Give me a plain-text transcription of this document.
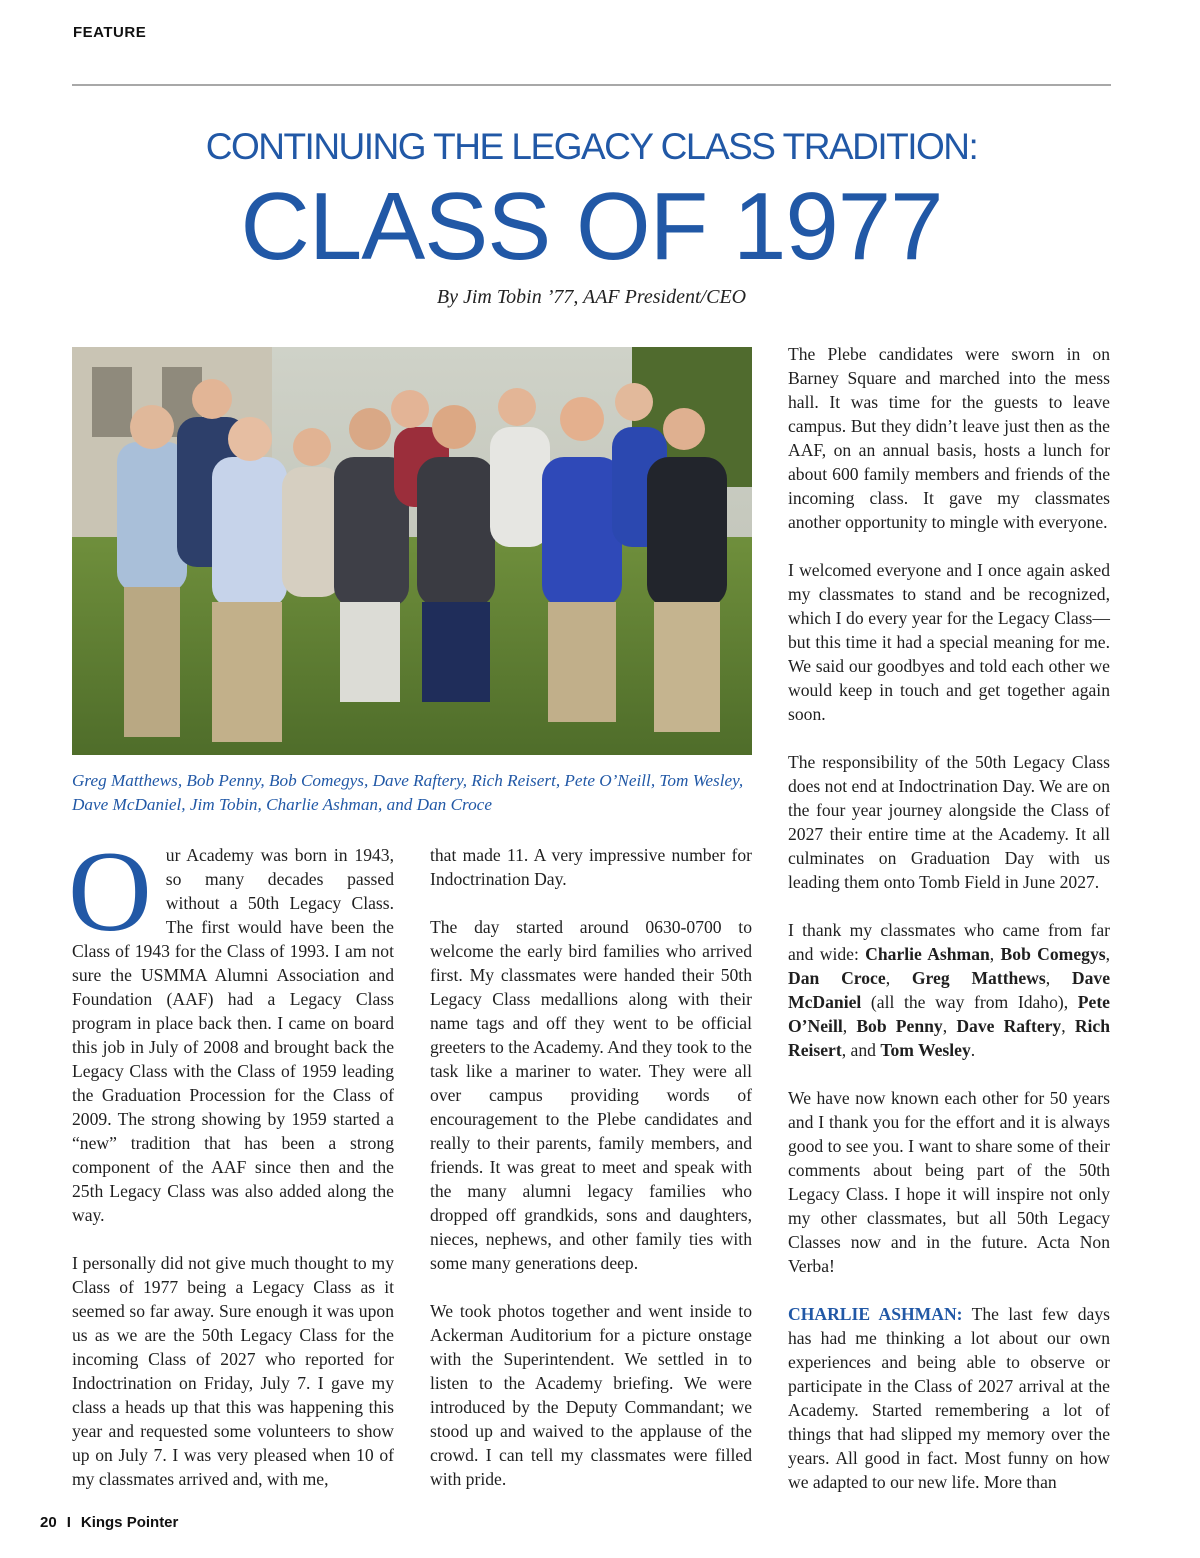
FEATURE
CONTINUING THE LEGACY CLASS TRADITION:
CLASS OF 1977
By Jim Tobin ’77, AAF President/CEO
Greg Matthews, Bob Penny, Bob Comegys, Dave Raftery, Rich Reisert, Pete O’Neill, Tom Wesley,
Dave McDaniel, Jim Tobin, Charlie Ashman, and Dan Croce

Our Academy was born in 1943, so many decades passed without a 50th Legacy Class. The first would have been the Class of 1943 for the Class of 1993. I am not sure the USMMA Alumni Association and Foundation (AAF) had a Legacy Class program in place back then. I came on board this job in July of 2008 and brought back the Legacy Class with the Class of 1959 leading the Graduation Procession for the Class of 2009. The strong showing by 1959 started a “new” tradition that has been a strong component of the AAF since then and the 25th Legacy Class was also added along the way.

I personally did not give much thought to my Class of 1977 being a Legacy Class as it seemed so far away. Sure enough it was upon us as we are the 50th Legacy Class for the incoming Class of 2027 who reported for Indoctrination on Friday, July 7. I gave my class a heads up that this was happening this year and requested some volunteers to show up on July 7. I was very pleased when 10 of my classmates arrived and, with me,

that made 11. A very impressive number for Indoctrination Day.

The day started around 0630-0700 to welcome the early bird families who arrived first. My classmates were handed their 50th Legacy Class medallions along with their name tags and off they went to be official greeters to the Academy. And they took to the task like a mariner to water. They were all over campus providing words of encouragement to the Plebe candidates and really to their parents, family members, and friends. It was great to meet and speak with the many alumni legacy families who dropped off grandkids, sons and daughters, nieces, nephews, and other family ties with some many generations deep.

We took photos together and went inside to Ackerman Auditorium for a picture onstage with the Superintendent. We settled in to listen to the Academy briefing. We were introduced by the Deputy Commandant; we stood up and waived to the applause of the crowd. I can tell my classmates were filled with pride.

The Plebe candidates were sworn in on Barney Square and marched into the mess hall. It was time for the guests to leave campus. But they didn’t leave just then as the AAF, on an annual basis, hosts a lunch for about 600 family members and friends of the incoming class. It gave my classmates another opportunity to mingle with everyone.

I welcomed everyone and I once again asked my classmates to stand and be recognized, which I do every year for the Legacy Class—but this time it had a special meaning for me. We said our goodbyes and told each other we would keep in touch and get together again soon.

The responsibility of the 50th Legacy Class does not end at Indoctrination Day. We are on the four year journey alongside the Class of 2027 their entire time at the Academy. It all culminates on Graduation Day with us leading them onto Tomb Field in June 2027.

I thank my classmates who came from far and wide: Charlie Ashman, Bob Comegys, Dan Croce, Greg Matthews, Dave McDaniel (all the way from Idaho), Pete O’Neill, Bob Penny, Dave Raftery, Rich Reisert, and Tom Wesley.

We have now known each other for 50 years and I thank you for the effort and it is always good to see you. I want to share some of their comments about being part of the 50th Legacy Class. I hope it will inspire not only my other classmates, but all 50th Legacy Classes now and in the future. Acta Non Verba!

CHARLIE ASHMAN: The last few days has had me thinking a lot about our own experiences and being able to observe or participate in the Class of 2027 arrival at the Academy. Started remembering a lot of things that had slipped my memory over the years. All good in fact. Most funny on how we adapted to our new life. More than

20 I Kings Pointer
